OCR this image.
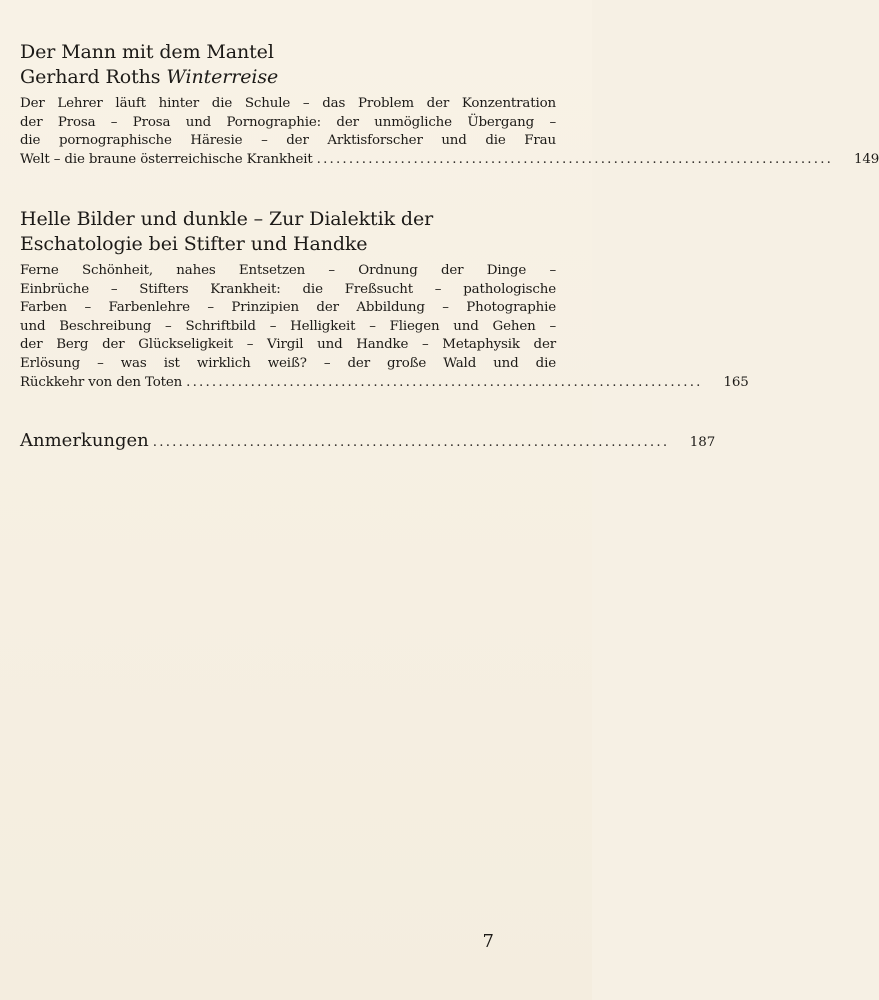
Der Mann mit dem Mantel
Gerhard Roths Winterreise
Der Lehrer läuft hinter die Schule – das Problem der Konzentration
der Prosa – Prosa und Pornographie: der unmögliche Übergang –
die pornographische Häresie – der Arktisforscher und die Frau
Welt – die braune österreichische Krankheit ................................................................................	149
Helle Bilder und dunkle – Zur Dialektik der
Eschatologie bei Stifter und Handke
Ferne Schönheit, nahes Entsetzen – Ordnung der Dinge –
Einbrüche – Stifters Krankheit: die Freßsucht – pathologische
Farben – Farbenlehre – Prinzipien der Abbildung – Photographie
und Beschreibung – Schriftbild – Helligkeit – Fliegen und Gehen –
der Berg der Glückseligkeit – Virgil und Handke – Metaphysik der
Erlösung – was ist wirklich weiß? – der große Wald und die
Rückkehr von den Toten ................................................................................	165
Anmerkungen ................................................................................	187
7
